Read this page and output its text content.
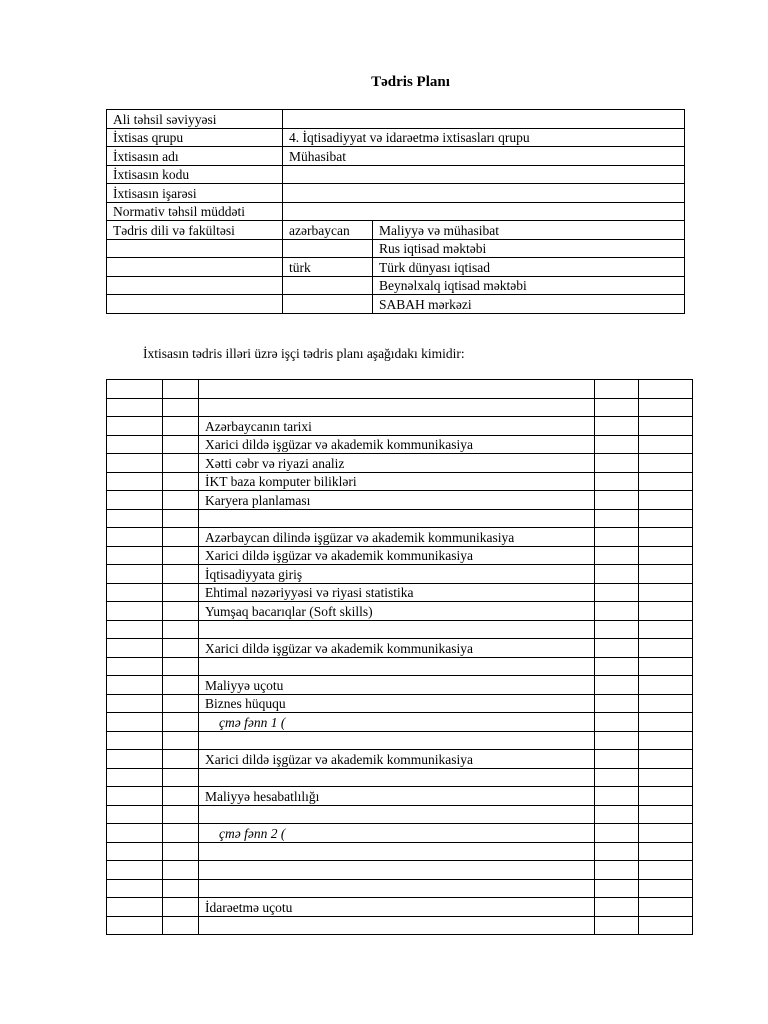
Tədris Planı
Ali təhsil səviyyəsi		
İxtisas qrupu	4. İqtisadiyyat və idarəetmə ixtisasları qrupu	
İxtisasın adı	Mühasibat	
İxtisasın kodu		
İxtisasın işarəsi		
Normativ təhsil müddəti		
Tədris dili və fakültəsi	azərbaycan	Maliyyə və mühasibat
		Rus iqtisad məktəbi
	türk	Türk dünyası iqtisad
		Beynəlxalq iqtisad məktəbi
		SABAH mərkəzi
İxtisasın tədris illəri üzrə işçi tədris planı aşağıdakı kimidir:

		Azərbaycanın tarixi		
		Xarici dildə işgüzar və akademik kommunikasiya		
		Xətti cəbr və riyazi analiz		
		İKT baza komputer bilikləri		
		Karyera planlaması		

		Azərbaycan dilində işgüzar və akademik kommunikasiya		
		Xarici dildə işgüzar və akademik kommunikasiya		
		İqtisadiyyata giriş		
		Ehtimal nəzəriyyəsi və riyasi statistika		
		Yumşaq bacarıqlar (Soft skills)		

		Xarici dildə işgüzar və akademik kommunikasiya		

		Maliyyə uçotu		
		Biznes hüququ		
		çmə fənn 1 (		

		Xarici dildə işgüzar və akademik kommunikasiya		

		Maliyyə hesabatlılığı		

		çmə fənn 2 (		

		İdarəetmə uçotu		
